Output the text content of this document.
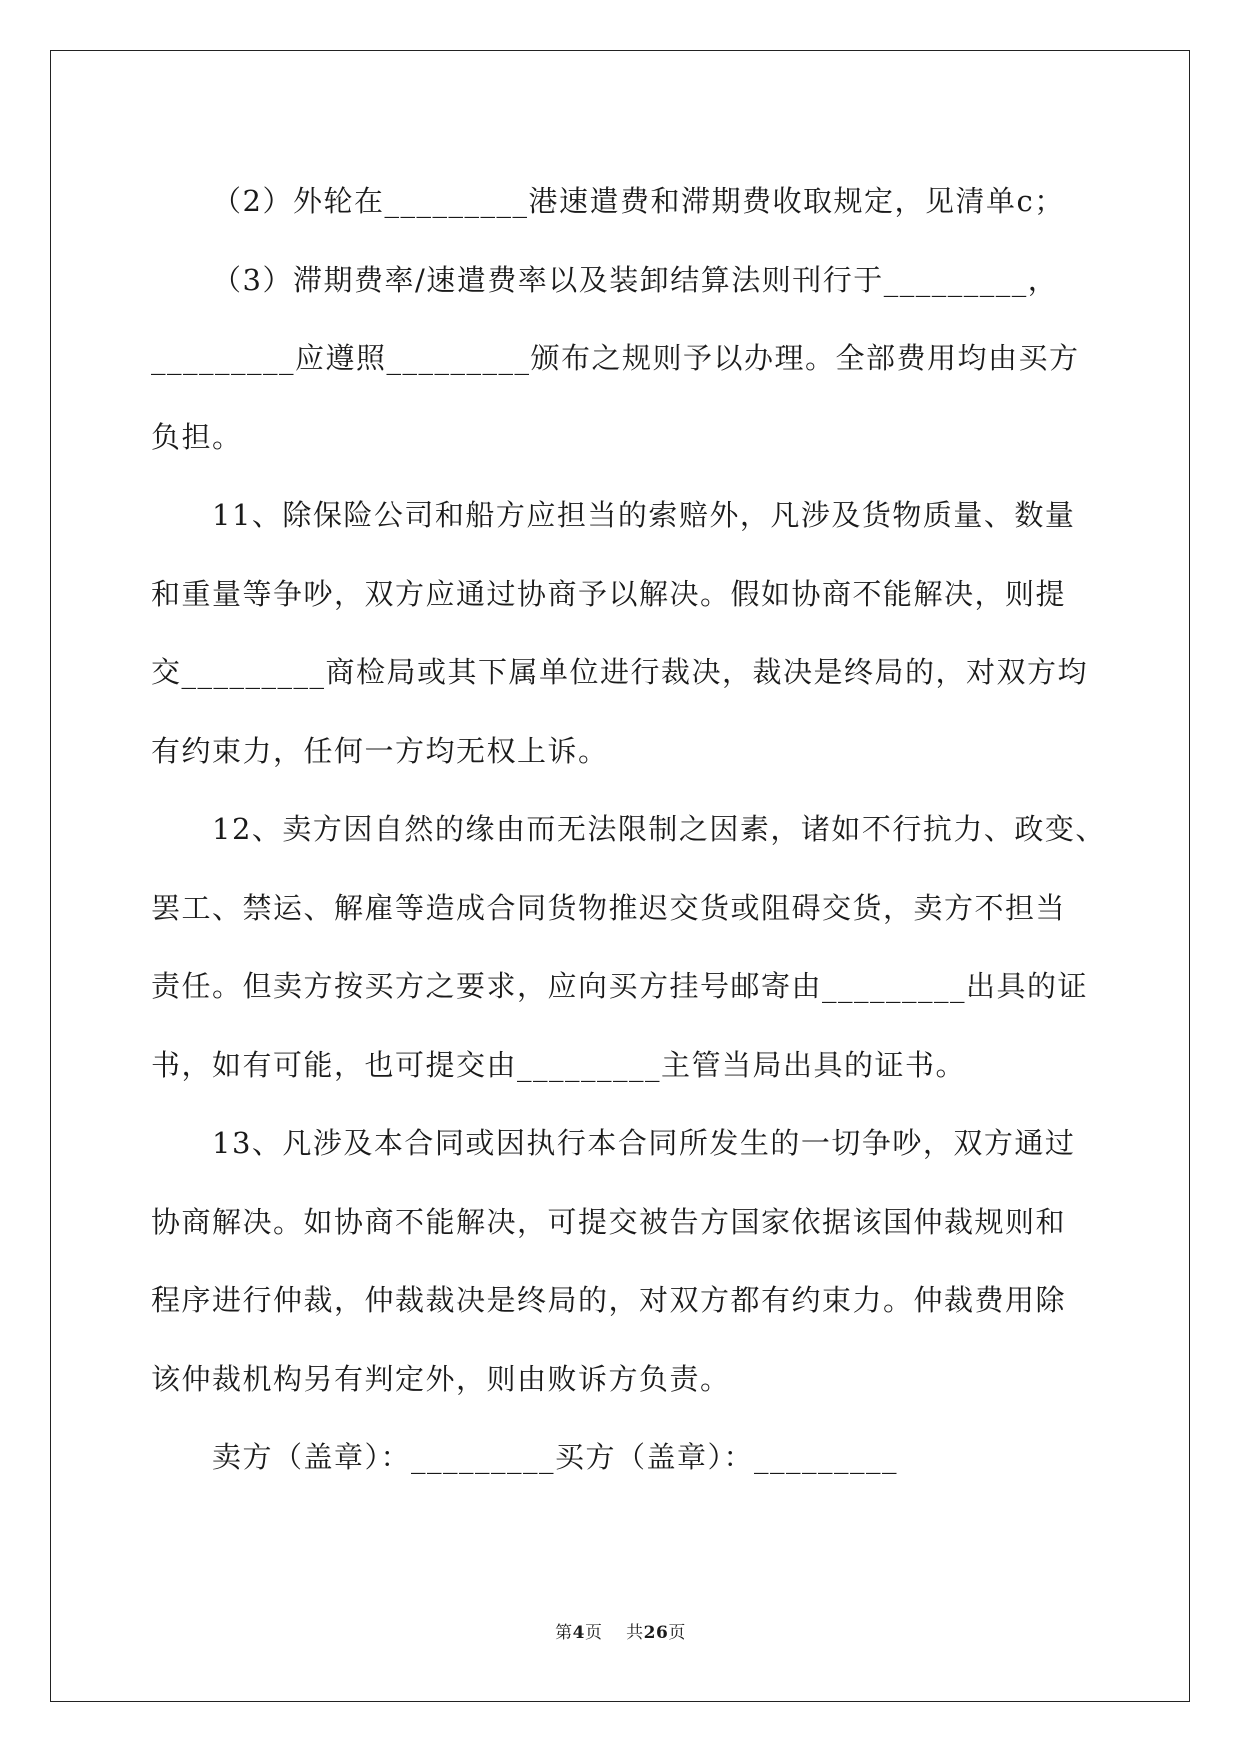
（2）外轮在_________港速遣费和滞期费收取规定，见清单c；
（3）滞期费率/速遣费率以及装卸结算法则刊行于_________，
_________应遵照_________颁布之规则予以办理。全部费用均由买方
负担。
11、除保险公司和船方应担当的索赔外，凡涉及货物质量、数量
和重量等争吵，双方应通过协商予以解决。假如协商不能解决，则提
交_________商检局或其下属单位进行裁决，裁决是终局的，对双方均
有约束力，任何一方均无权上诉。
12、卖方因自然的缘由而无法限制之因素，诸如不行抗力、政变、
罢工、禁运、解雇等造成合同货物推迟交货或阻碍交货，卖方不担当
责任。但卖方按买方之要求，应向买方挂号邮寄由_________出具的证
书，如有可能，也可提交由_________主管当局出具的证书。
13、凡涉及本合同或因执行本合同所发生的一切争吵，双方通过
协商解决。如协商不能解决，可提交被告方国家依据该国仲裁规则和
程序进行仲裁，仲裁裁决是终局的，对双方都有约束力。仲裁费用除
该仲裁机构另有判定外，则由败诉方负责。
卖方（盖章）：_________买方（盖章）：_________
第4页 共26页
